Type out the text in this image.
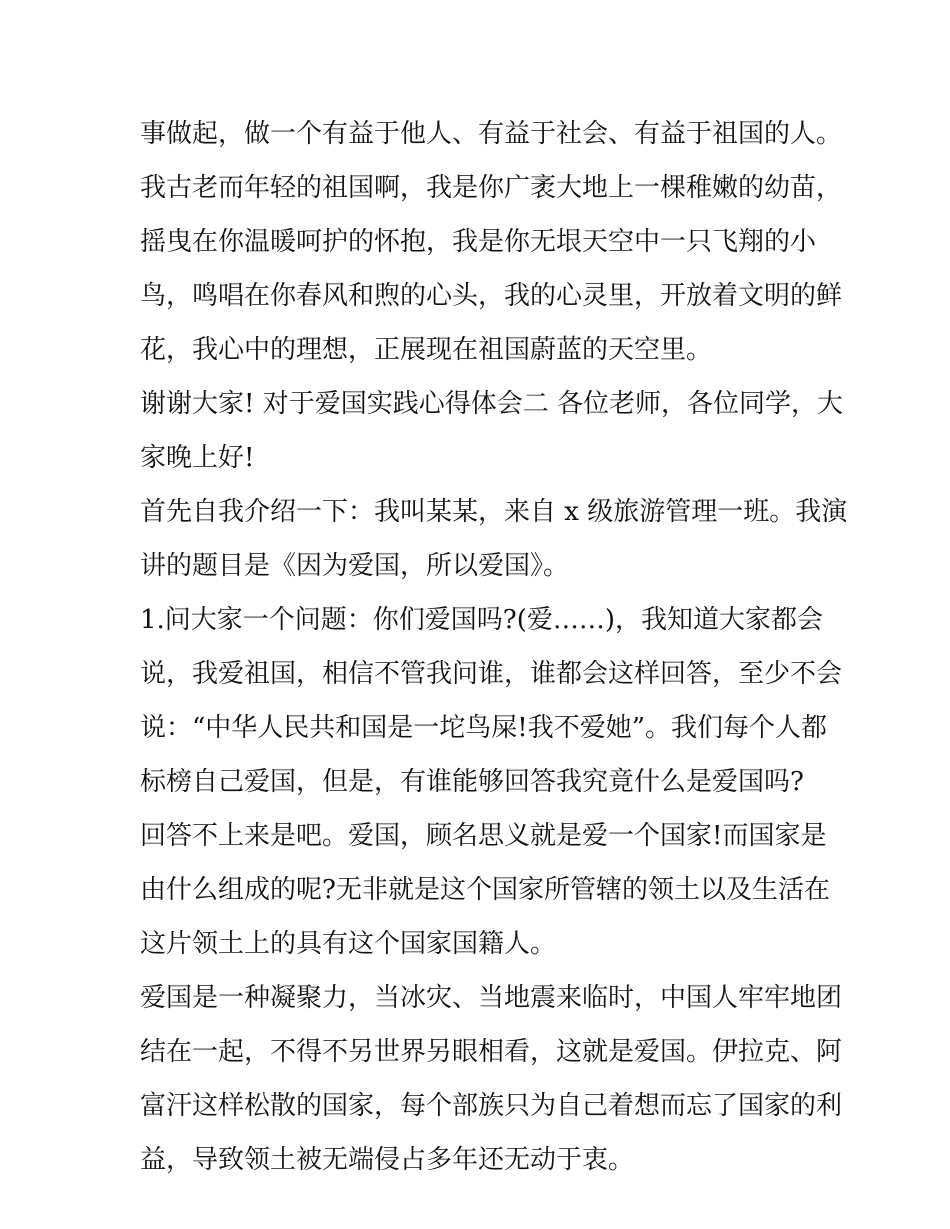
事做起，做一个有益于他人、有益于社会、有益于祖国的人。
我古老而年轻的祖国啊，我是你广袤大地上一棵稚嫩的幼苗，
摇曳在你温暖呵护的怀抱，我是你无垠天空中一只飞翔的小
鸟，鸣唱在你春风和煦的心头，我的心灵里，开放着文明的鲜
花，我心中的理想，正展现在祖国蔚蓝的天空里。
谢谢大家! 对于爱国实践心得体会二 各位老师，各位同学，大
家晚上好!
首先自我介绍一下：我叫某某，来自 x 级旅游管理一班。我演
讲的题目是《因为爱国，所以爱国》。
1.问大家一个问题：你们爱国吗?(爱……)，我知道大家都会
说，我爱祖国，相信不管我问谁，谁都会这样回答，至少不会
说：“中华人民共和国是一坨鸟屎!我不爱她”。我们每个人都
标榜自己爱国，但是，有谁能够回答我究竟什么是爱国吗?
回答不上来是吧。爱国，顾名思义就是爱一个国家!而国家是
由什么组成的呢?无非就是这个国家所管辖的领土以及生活在
这片领土上的具有这个国家国籍人。
爱国是一种凝聚力，当冰灾、当地震来临时，中国人牢牢地团
结在一起，不得不另世界另眼相看，这就是爱国。伊拉克、阿
富汗这样松散的国家，每个部族只为自己着想而忘了国家的利
益，导致领土被无端侵占多年还无动于衷。
